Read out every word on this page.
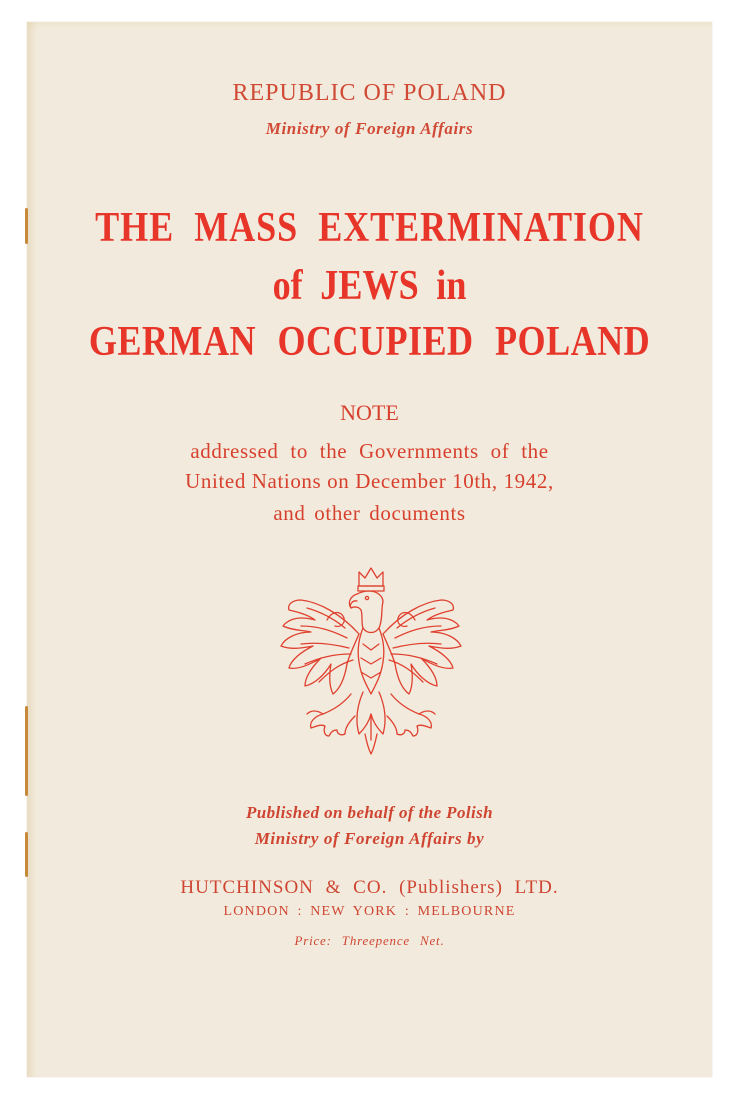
REPUBLIC OF POLAND
Ministry of Foreign Affairs
THE MASS EXTERMINATION
of JEWS in
GERMAN OCCUPIED POLAND
NOTE
addressed to the Governments of the
United Nations on December 10th, 1942,
and other documents
Published on behalf of the Polish
Ministry of Foreign Affairs by
HUTCHINSON & CO. (Publishers) LTD.
LONDON : NEW YORK : MELBOURNE
Price: Threepence Net.
